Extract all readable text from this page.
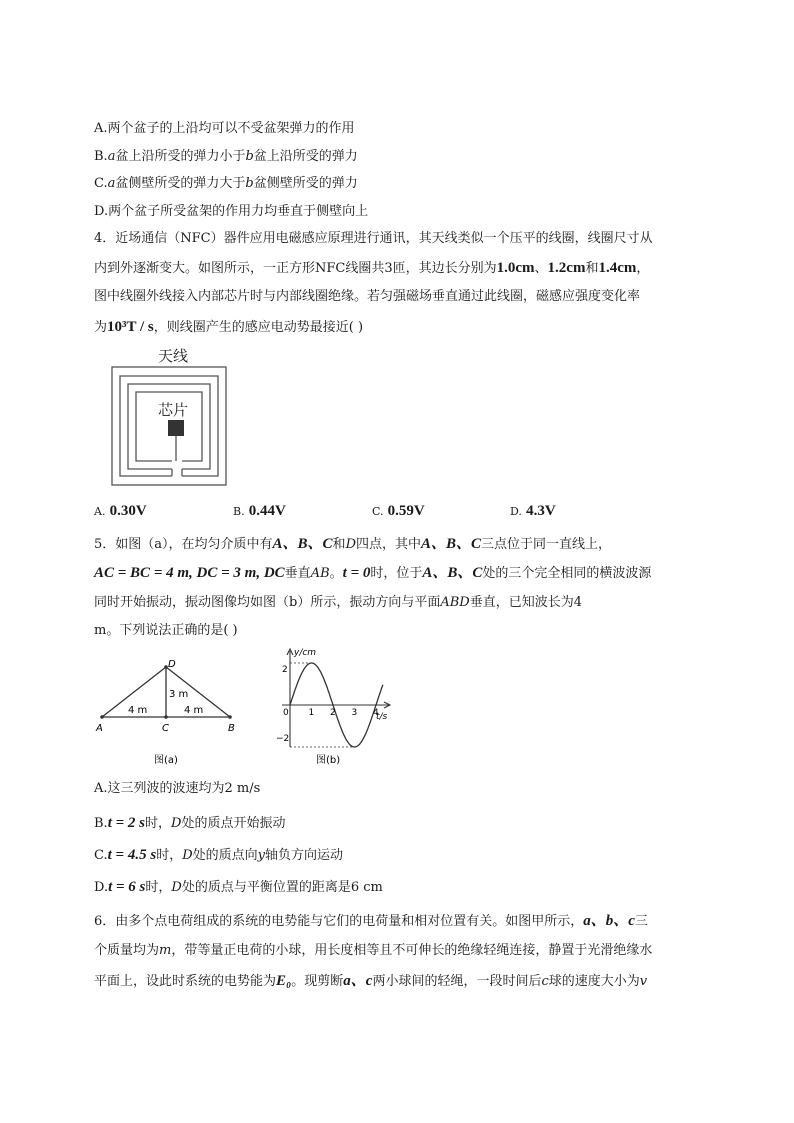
A.两个盆子的上沿均可以不受盆架弹力的作用
B.a盆上沿所受的弹力小于b盆上沿所受的弹力
C.a盆侧壁所受的弹力大于b盆侧壁所受的弹力
D.两个盆子所受盆架的作用力均垂直于侧壁向上
4．近场通信（NFC）器件应用电磁感应原理进行通讯，其天线类似一个压平的线圈，线圈尺寸从
内到外逐渐变大。如图所示，一正方形NFC线圈共3匝，其边长分别为1.0cm、1.2cm和1.4cm，
图中线圈外线接入内部芯片时与内部线圈绝缘。若匀强磁场垂直通过此线圈，磁感应强度变化率
为10³T / s，则线圈产生的感应电动势最接近( )
天线
芯片
A. 0.30V	B. 0.44V	C. 0.59V	D. 4.3V
5．如图（a），在均匀介质中有A、B、C和D四点，其中A、B、C三点位于同一直线上，
AC = BC = 4 m, DC = 3 m, DC垂直AB。t = 0时，位于A、B、C处的三个完全相同的横波波源
同时开始振动，振动图像均如图（b）所示，振动方向与平面ABD垂直，已知波长为4
m。下列说法正确的是( )
D
A	C	B
3 m
4 m	4 m
图(a)
y/cm
t/s
2
−2
0 1 2 3 4
图(b)
A.这三列波的波速均为2 m/s
B.t = 2 s时，D处的质点开始振动
C.t = 4.5 s时，D处的质点向y轴负方向运动
D.t = 6 s时，D处的质点与平衡位置的距离是6 cm
6．由多个点电荷组成的系统的电势能与它们的电荷量和相对位置有关。如图甲所示，a、b、c三
个质量均为m，带等量正电荷的小球，用长度相等且不可伸长的绝缘轻绳连接，静置于光滑绝缘水
平面上，设此时系统的电势能为E₀。现剪断a、c两小球间的轻绳，一段时间后c球的速度大小为v
